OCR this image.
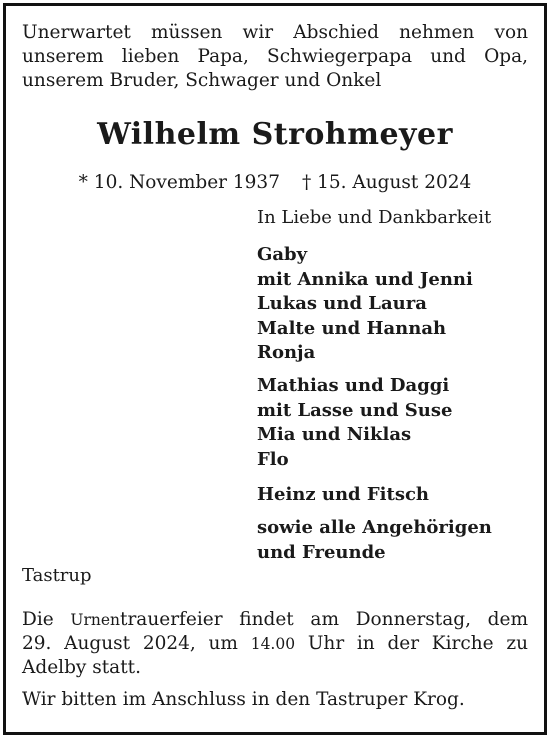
Unerwartet müssen wir Abschied nehmen von
unserem lieben Papa, Schwiegerpapa und Opa,
unserem Bruder, Schwager und Onkel
Wilhelm Strohmeyer
* 10. November 1937 † 15. August 2024
In Liebe und Dankbarkeit
Gaby
mit Annika und Jenni
Lukas und Laura
Malte und Hannah
Ronja
Mathias und Daggi
mit Lasse und Suse
Mia und Niklas
Flo
Heinz und Fitsch
sowie alle Angehörigen
und Freunde
Tastrup
Die Urnentrauerfeier findet am Donnerstag, dem
29. August 2024, um 14.00 Uhr in der Kirche zu
Adelby statt.
Wir bitten im Anschluss in den Tastruper Krog.
